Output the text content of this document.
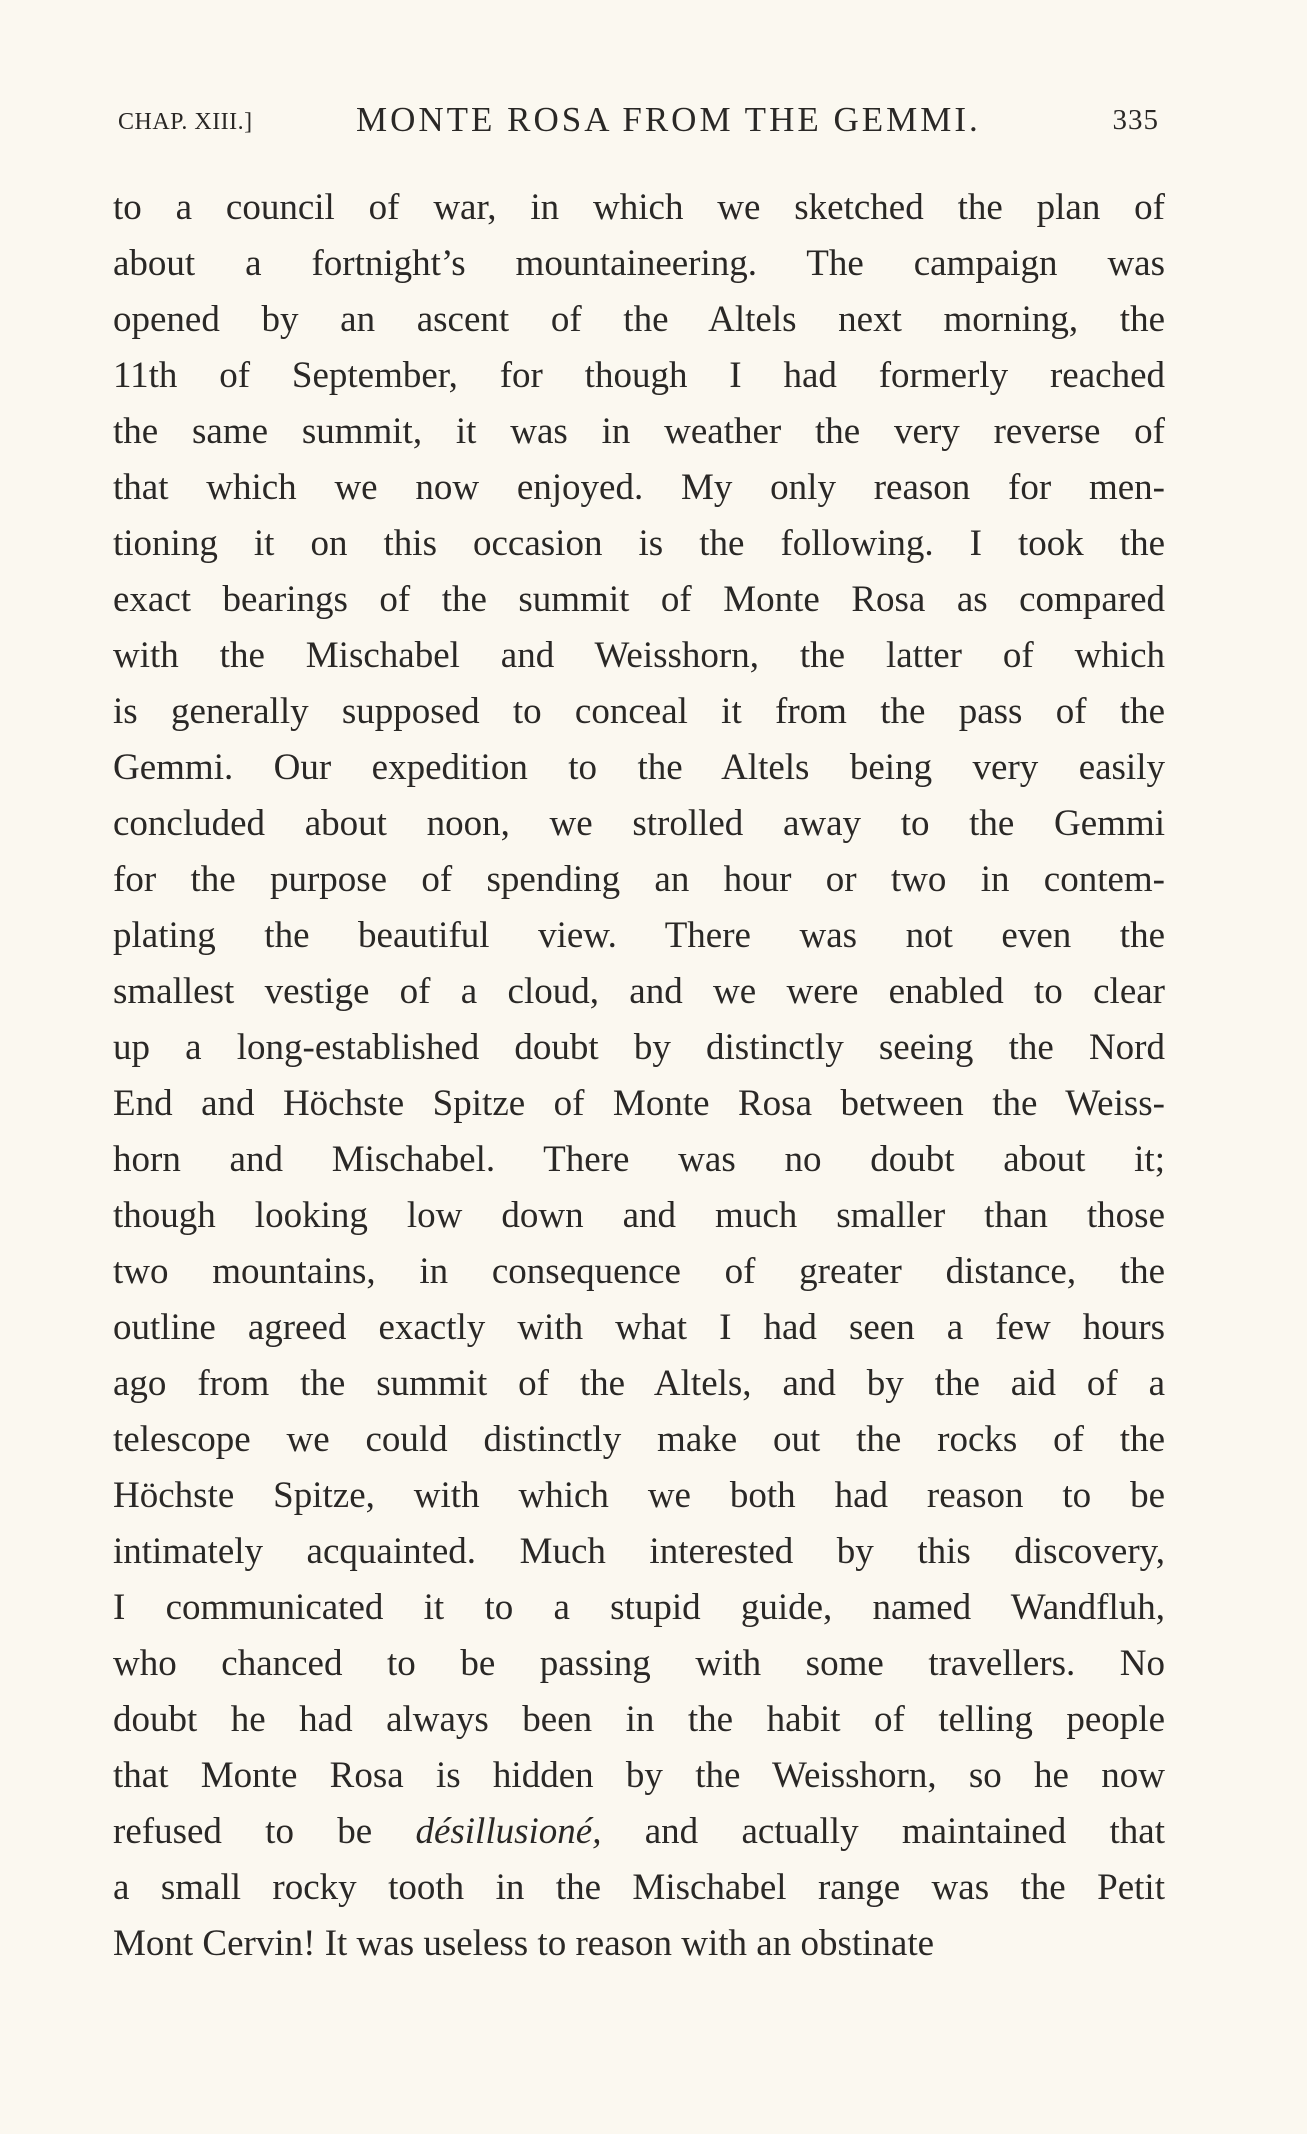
CHAP. XIII.]	MONTE ROSA FROM THE GEMMI.	335
to a council of war, in which we sketched the plan of
about a fortnight’s mountaineering. The campaign was
opened by an ascent of the Altels next morning, the
11th of September, for though I had formerly reached
the same summit, it was in weather the very reverse of
that which we now enjoyed. My only reason for men-
tioning it on this occasion is the following. I took the
exact bearings of the summit of Monte Rosa as compared
with the Mischabel and Weisshorn, the latter of which
is generally supposed to conceal it from the pass of the
Gemmi. Our expedition to the Altels being very easily
concluded about noon, we strolled away to the Gemmi
for the purpose of spending an hour or two in contem-
plating the beautiful view. There was not even the
smallest vestige of a cloud, and we were enabled to clear
up a long-established doubt by distinctly seeing the Nord
End and Höchste Spitze of Monte Rosa between the Weiss-
horn and Mischabel. There was no doubt about it;
though looking low down and much smaller than those
two mountains, in consequence of greater distance, the
outline agreed exactly with what I had seen a few hours
ago from the summit of the Altels, and by the aid of a
telescope we could distinctly make out the rocks of the
Höchste Spitze, with which we both had reason to be
intimately acquainted. Much interested by this discovery,
I communicated it to a stupid guide, named Wandfluh,
who chanced to be passing with some travellers. No
doubt he had always been in the habit of telling people
that Monte Rosa is hidden by the Weisshorn, so he now
refused to be désillusioné, and actually maintained that
a small rocky tooth in the Mischabel range was the Petit
Mont Cervin! It was useless to reason with an obstinate
